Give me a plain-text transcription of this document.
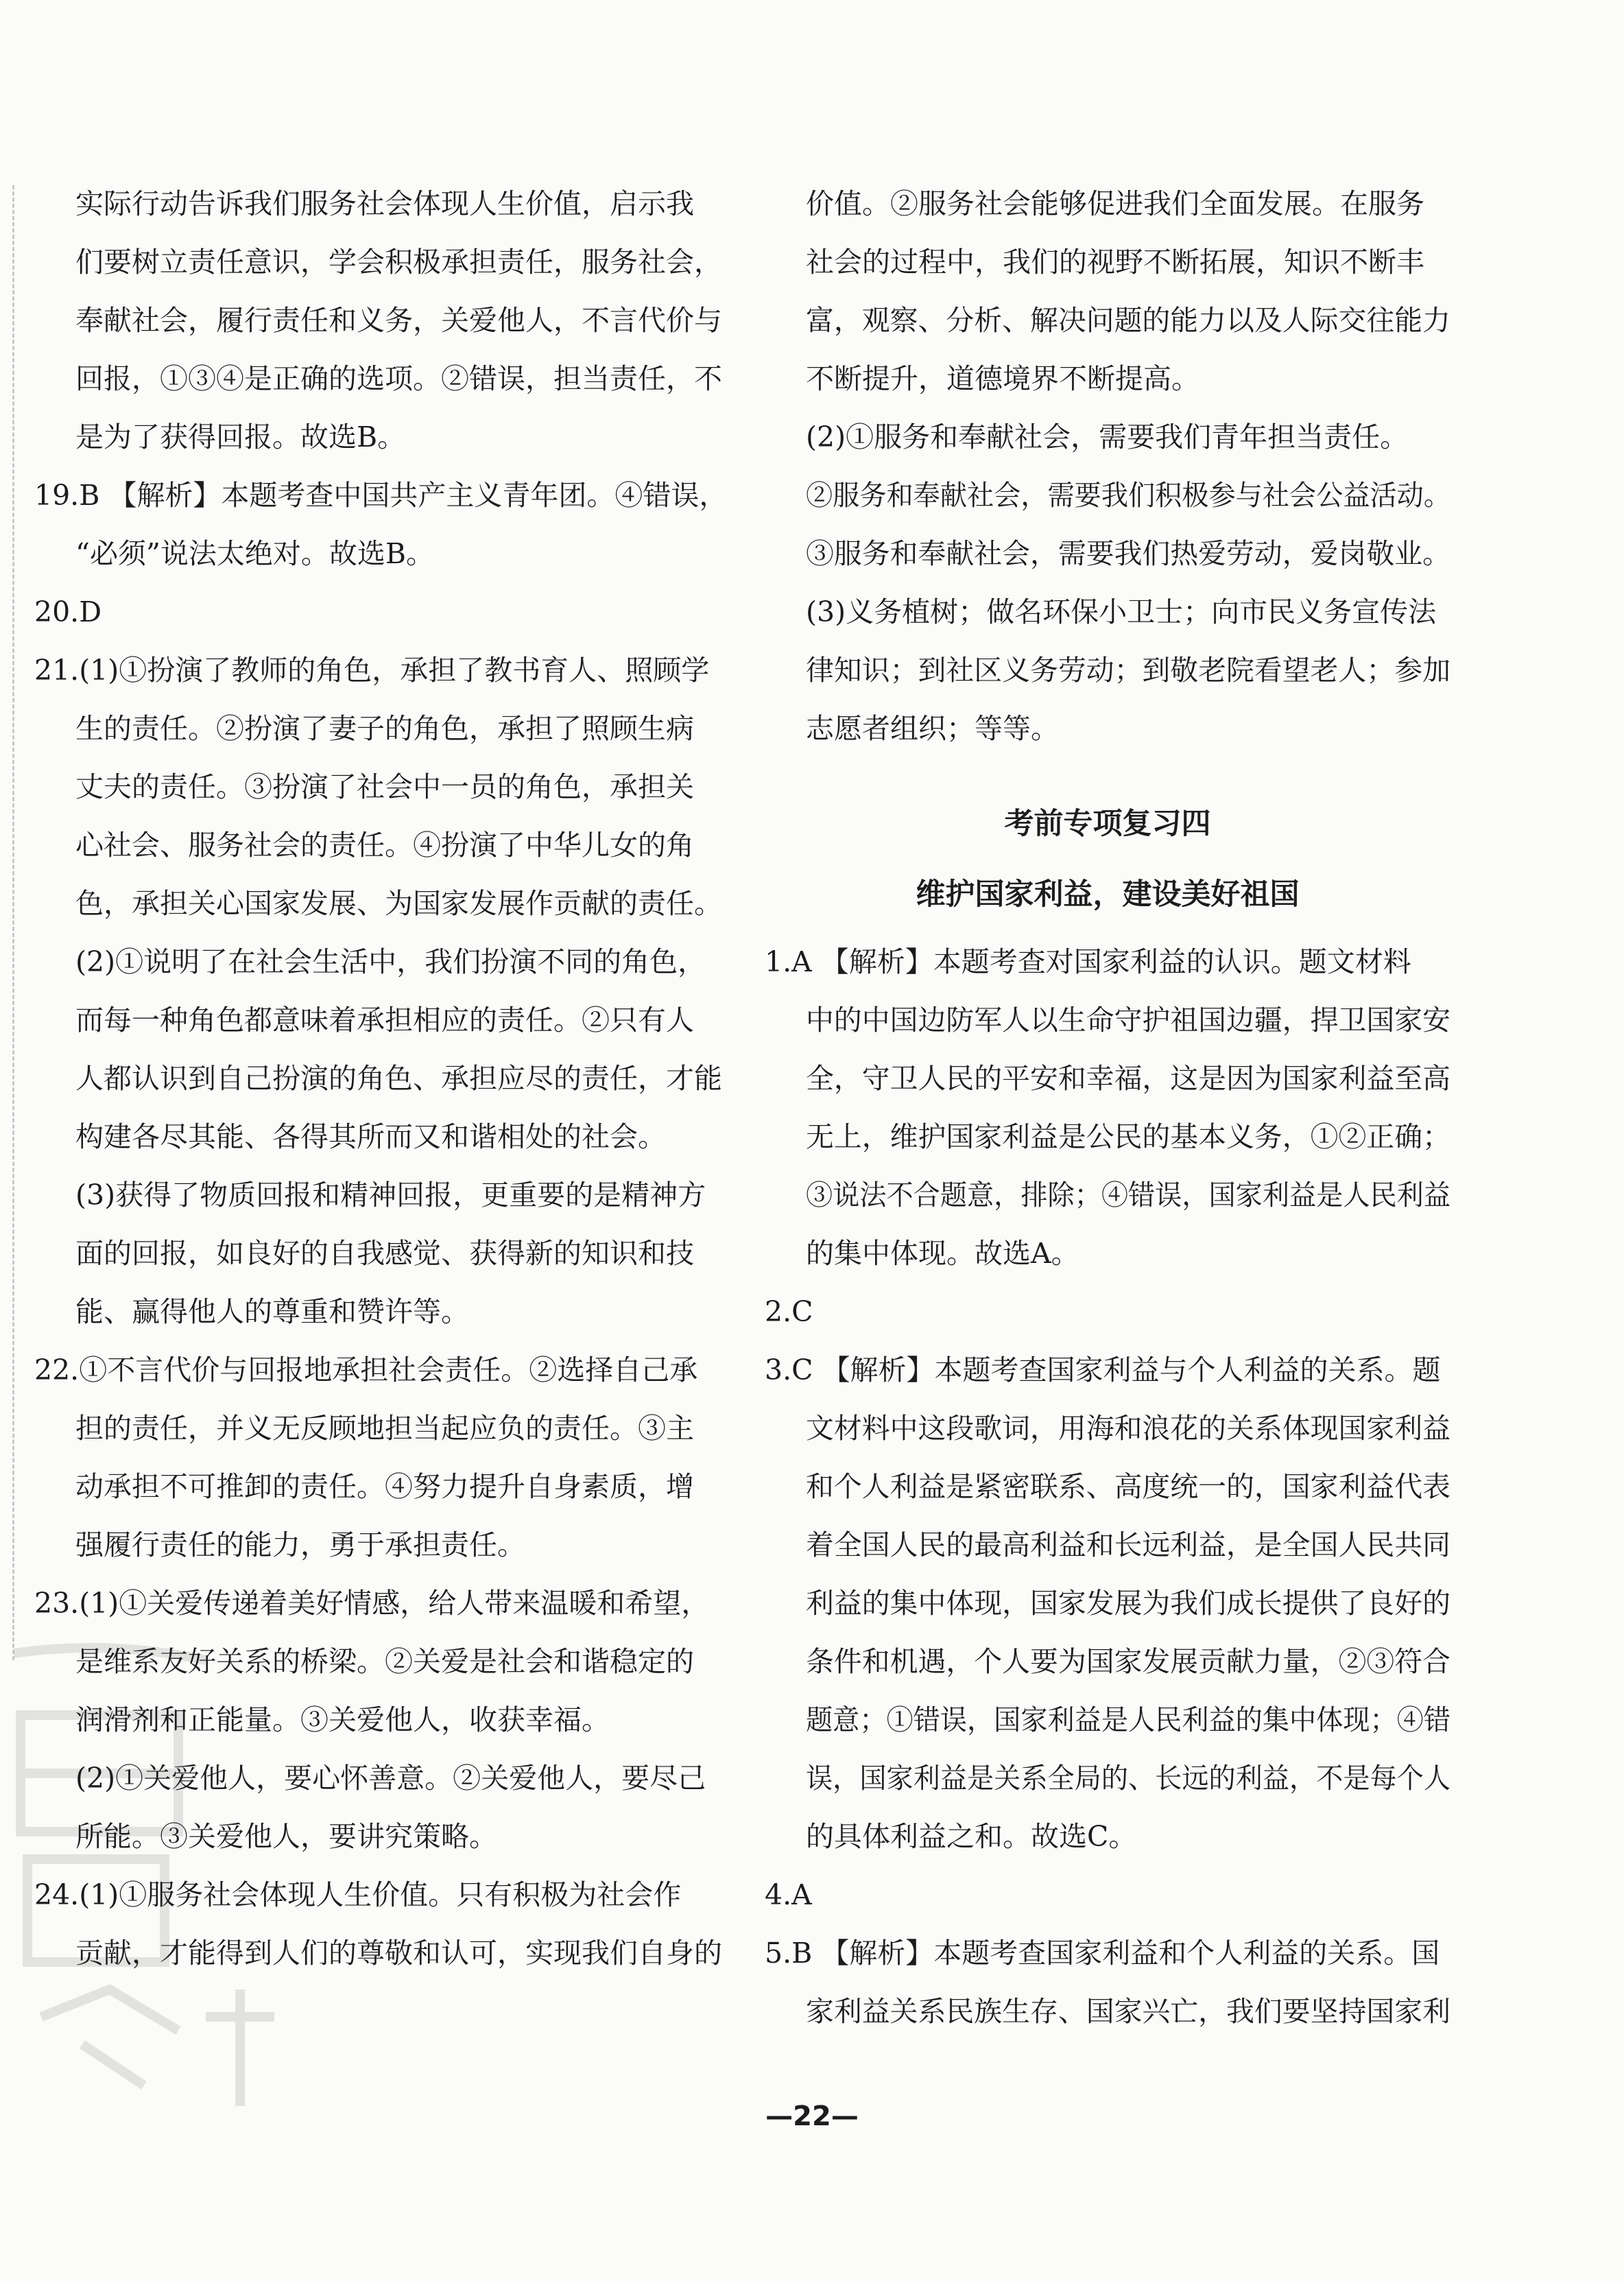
实际行动告诉我们服务社会体现人生价值，启示我
们要树立责任意识，学会积极承担责任，服务社会，
奉献社会，履行责任和义务，关爱他人，不言代价与
回报，①③④是正确的选项。②错误，担当责任，不
是为了获得回报。故选B。
19.B 【解析】本题考查中国共产主义青年团。④错误，
“必须”说法太绝对。故选B。
20.D
21.(1)①扮演了教师的角色，承担了教书育人、照顾学
生的责任。②扮演了妻子的角色，承担了照顾生病
丈夫的责任。③扮演了社会中一员的角色，承担关
心社会、服务社会的责任。④扮演了中华儿女的角
色，承担关心国家发展、为国家发展作贡献的责任。
(2)①说明了在社会生活中，我们扮演不同的角色，
而每一种角色都意味着承担相应的责任。②只有人
人都认识到自己扮演的角色、承担应尽的责任，才能
构建各尽其能、各得其所而又和谐相处的社会。
(3)获得了物质回报和精神回报，更重要的是精神方
面的回报，如良好的自我感觉、获得新的知识和技
能、赢得他人的尊重和赞许等。
22.①不言代价与回报地承担社会责任。②选择自己承
担的责任，并义无反顾地担当起应负的责任。③主
动承担不可推卸的责任。④努力提升自身素质，增
强履行责任的能力，勇于承担责任。
23.(1)①关爱传递着美好情感，给人带来温暖和希望，
是维系友好关系的桥梁。②关爱是社会和谐稳定的
润滑剂和正能量。③关爱他人，收获幸福。
(2)①关爱他人，要心怀善意。②关爱他人，要尽己
所能。③关爱他人，要讲究策略。
24.(1)①服务社会体现人生价值。只有积极为社会作
贡献，才能得到人们的尊敬和认可，实现我们自身的
价值。②服务社会能够促进我们全面发展。在服务
社会的过程中，我们的视野不断拓展，知识不断丰
富，观察、分析、解决问题的能力以及人际交往能力
不断提升，道德境界不断提高。
(2)①服务和奉献社会，需要我们青年担当责任。
②服务和奉献社会，需要我们积极参与社会公益活动。
③服务和奉献社会，需要我们热爱劳动，爱岗敬业。
(3)义务植树；做名环保小卫士；向市民义务宣传法
律知识；到社区义务劳动；到敬老院看望老人；参加
志愿者组织；等等。
考前专项复习四
维护国家利益，建设美好祖国
1.A 【解析】本题考查对国家利益的认识。题文材料
中的中国边防军人以生命守护祖国边疆，捍卫国家安
全，守卫人民的平安和幸福，这是因为国家利益至高
无上，维护国家利益是公民的基本义务，①②正确；
③说法不合题意，排除；④错误，国家利益是人民利益
的集中体现。故选A。
2.C
3.C 【解析】本题考查国家利益与个人利益的关系。题
文材料中这段歌词，用海和浪花的关系体现国家利益
和个人利益是紧密联系、高度统一的，国家利益代表
着全国人民的最高利益和长远利益，是全国人民共同
利益的集中体现，国家发展为我们成长提供了良好的
条件和机遇，个人要为国家发展贡献力量，②③符合
题意；①错误，国家利益是人民利益的集中体现；④错
误，国家利益是关系全局的、长远的利益，不是每个人
的具体利益之和。故选C。
4.A
5.B 【解析】本题考查国家利益和个人利益的关系。国
家利益关系民族生存、国家兴亡，我们要坚持国家利
—22—
